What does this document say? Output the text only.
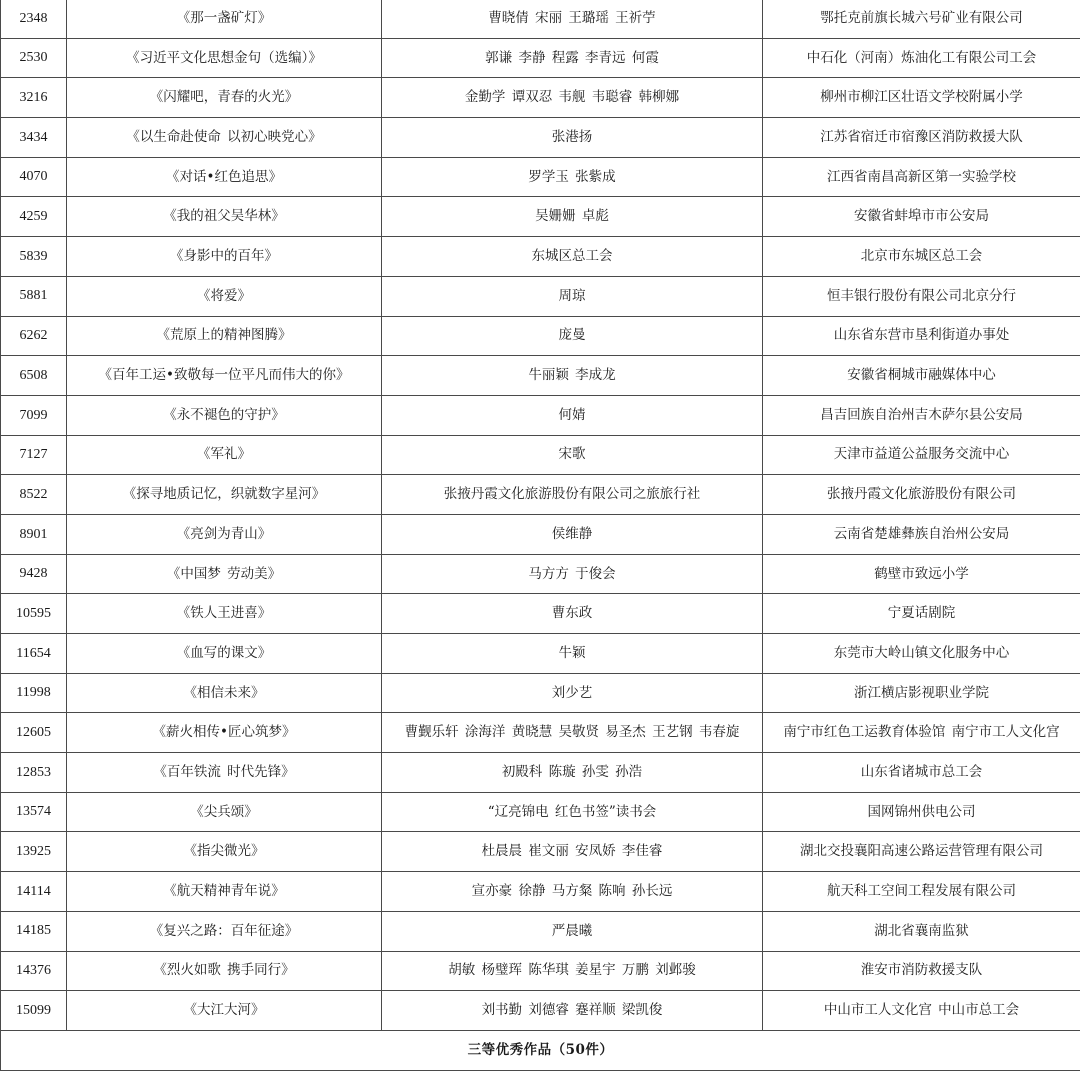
2348	《那一盏矿灯》	曹晓倩 宋丽 王璐瑶 王祈苧	鄂托克前旗长城六号矿业有限公司
2530	《习近平文化思想金句（选编）》	郭谦 李静 程露 李青远 何霞	中石化（河南）炼油化工有限公司工会
3216	《闪耀吧，青春的火光》	金勤学 谭双忍 韦舰 韦聪睿 韩柳娜	柳州市柳江区壮语文学校附属小学
3434	《以生命赴使命 以初心映党心》	张港扬	江苏省宿迁市宿豫区消防救援大队
4070	《对话•红色追思》	罗学玉 张紫成	江西省南昌高新区第一实验学校
4259	《我的祖父吴华林》	吴姗姗 卓彪	安徽省蚌埠市市公安局
5839	《身影中的百年》	东城区总工会	北京市东城区总工会
5881	《将爱》	周琼	恒丰银行股份有限公司北京分行
6262	《荒原上的精神图腾》	庞曼	山东省东营市垦利街道办事处
6508	《百年工运•致敬每一位平凡而伟大的你》	牛丽颖 李成龙	安徽省桐城市融媒体中心
7099	《永不褪色的守护》	何婧	昌吉回族自治州吉木萨尔县公安局
7127	《军礼》	宋歌	天津市益道公益服务交流中心
8522	《探寻地质记忆，织就数字星河》	张掖丹霞文化旅游股份有限公司之旅旅行社	张掖丹霞文化旅游股份有限公司
8901	《亮剑为青山》	侯维静	云南省楚雄彝族自治州公安局
9428	《中国梦 劳动美》	马方方 于俊会	鹤壁市致远小学
10595	《铁人王进喜》	曹东政	宁夏话剧院
11654	《血写的课文》	牛颖	东莞市大岭山镇文化服务中心
11998	《相信未来》	刘少艺	浙江横店影视职业学院
12605	《薪火相传•匠心筑梦》	曹觐乐轩 涂海洋 黄晓慧 吴敬贤 易圣杰 王艺钢 韦春旋	南宁市红色工运教育体验馆 南宁市工人文化宫
12853	《百年铁流 时代先锋》	初殿科 陈璇 孙雯 孙浩	山东省诸城市总工会
13574	《尖兵颂》	“辽亮锦电 红色书签”读书会	国网锦州供电公司
13925	《指尖微光》	杜晨晨 崔文丽 安凤娇 李佳睿	湖北交投襄阳高速公路运营管理有限公司
14114	《航天精神青年说》	宣亦豪 徐静 马方粲 陈响 孙长远	航天科工空间工程发展有限公司
14185	《复兴之路：百年征途》	严晨曦	湖北省襄南监狱
14376	《烈火如歌 携手同行》	胡敏 杨璧珲 陈华琪 姜星宇 万鹏 刘邺骏	淮安市消防救援支队
15099	《大江大河》	刘书勤 刘德睿 蹇祥顺 梁凯俊	中山市工人文化宫 中山市总工会
三等优秀作品（50件）			
